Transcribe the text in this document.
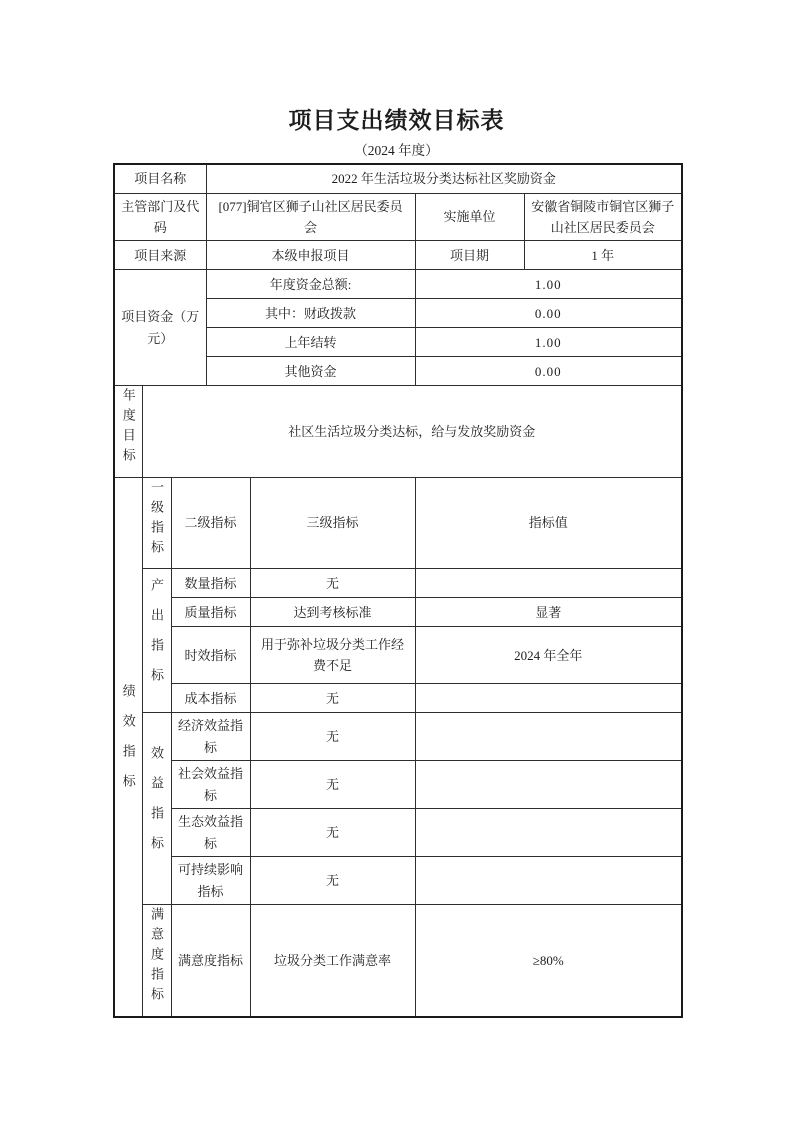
项目支出绩效目标表
（2024 年度）
项目名称			2022 年生活垃圾分类达标社区奖励资金			
主管部门及代码			[077]铜官区狮子山社区居民委员会		实施单位	安徽省铜陵市铜官区狮子山社区居民委员会
项目来源			本级申报项目		项目期	1 年
项目资金（万元）			年度资金总额:		1.00	
			其中：财政拨款		0.00	
			上年结转		1.00	
			其他资金		0.00	
年度目标	社区生活垃圾分类达标，给与发放奖励资金					
绩效指标	一级指标	二级指标		三级指标	指标值	
	产出指标	数量指标		无		
		质量指标		达到考核标准	显著	
		时效指标		用于弥补垃圾分类工作经费不足	2024 年全年	
		成本指标		无		
	效益指标	经济效益指标		无		
		社会效益指标		无		
		生态效益指标		无		
		可持续影响指标		无		
	满意度指标	满意度指标		垃圾分类工作满意率	≥80%	
